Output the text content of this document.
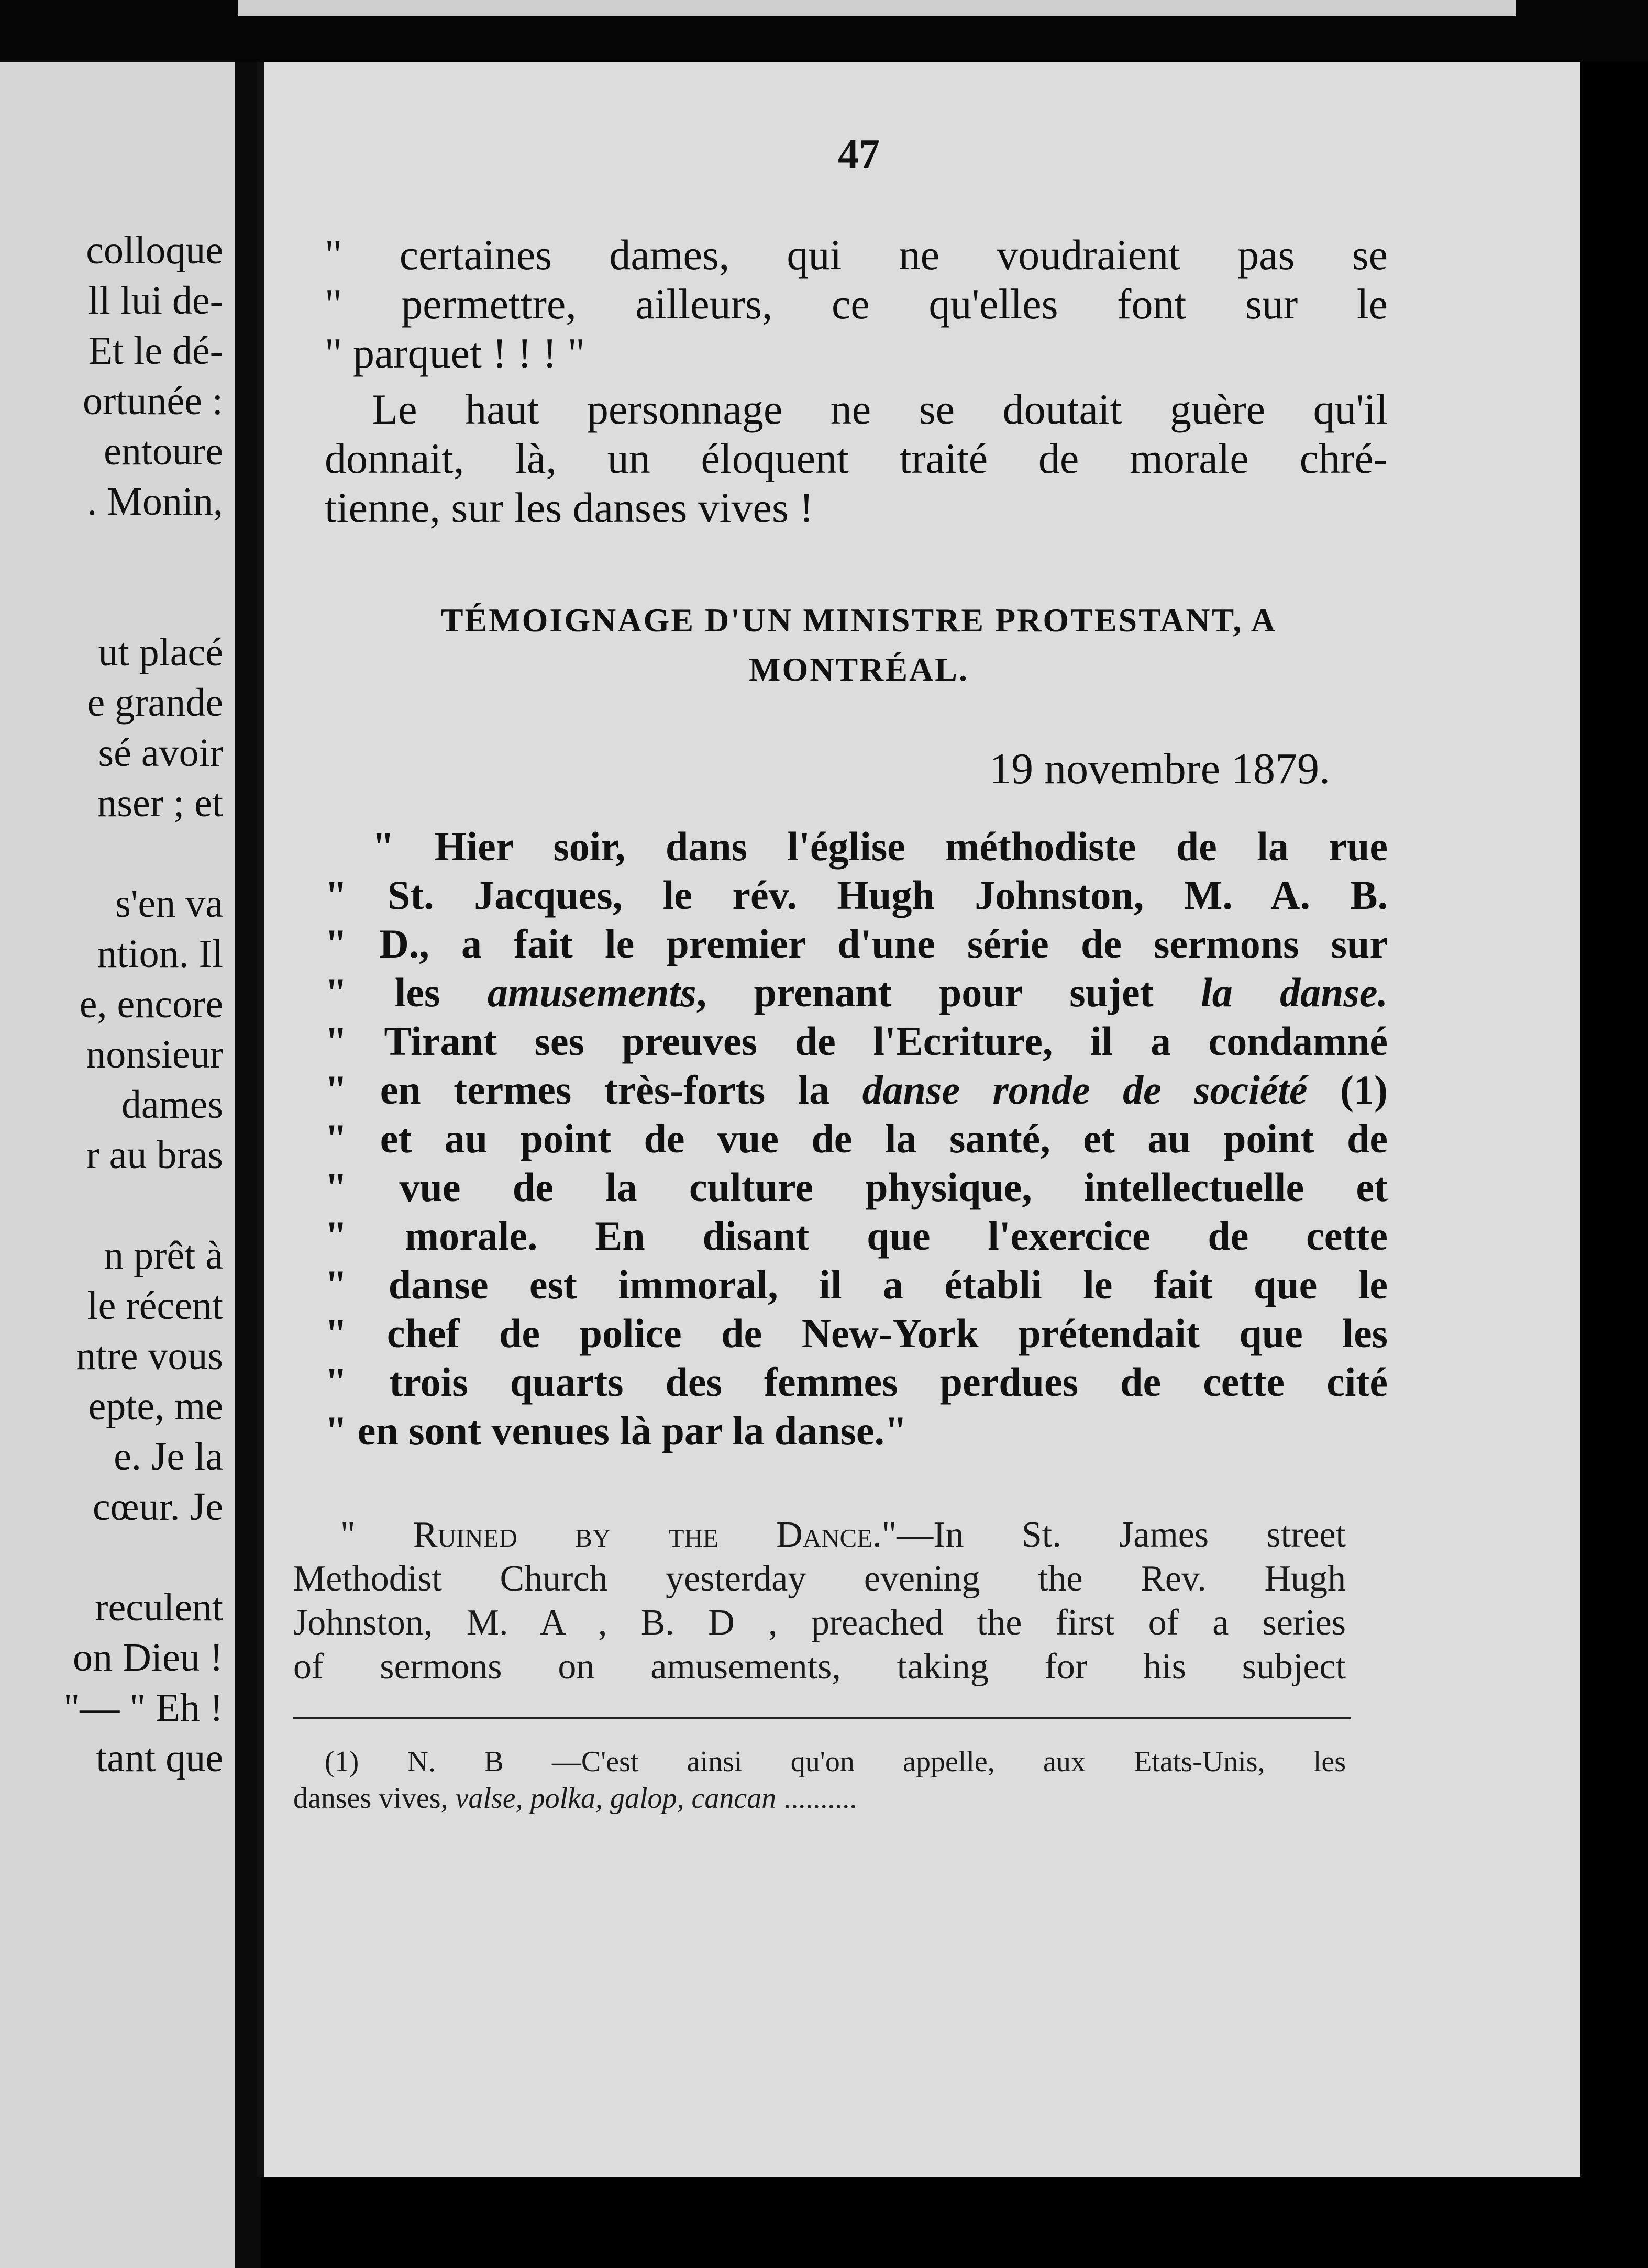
colloque
ll lui de-
Et le dé-
ortunée :
entoure
. Monin,
ut placé
e grande
sé avoir
nser ; et
s'en va
ntion. Il
e, encore
nonsieur
dames
r au bras
n prêt à
le récent
ntre vous
epte, me
e. Je la
cœur. Je
reculent
on Dieu !
"— " Eh !
tant que
47
" certaines dames, qui ne voudraient pas se
" permettre, ailleurs, ce qu'elles font sur le
" parquet ! ! ! "
Le haut personnage ne se doutait guère qu'il
donnait, là, un éloquent traité de morale chré-
tienne, sur les danses vives !
TÉMOIGNAGE D'UN MINISTRE PROTESTANT, A
MONTRÉAL.
19 novembre 1879.
" Hier soir, dans l'église méthodiste de la rue
" St. Jacques, le rév. Hugh Johnston, M. A. B.
" D., a fait le premier d'une série de sermons sur
" les amusements, prenant pour sujet la danse.
" Tirant ses preuves de l'Ecriture, il a condamné
" en termes très-forts la danse ronde de société (1)
" et au point de vue de la santé, et au point de
" vue de la culture physique, intellectuelle et
" morale. En disant que l'exercice de cette
" danse est immoral, il a établi le fait que le
" chef de police de New-York prétendait que les
" trois quarts des femmes perdues de cette cité
" en sont venues là par la danse."
" Ruined by the Dance."—In St. James street
Methodist Church yesterday evening the Rev. Hugh
Johnston, M. A , B. D , preached the first of a series
of sermons on amusements, taking for his subject
(1) N. B —C'est ainsi qu'on appelle, aux Etats-Unis, les
danses vives, valse, polka, galop, cancan ..........
